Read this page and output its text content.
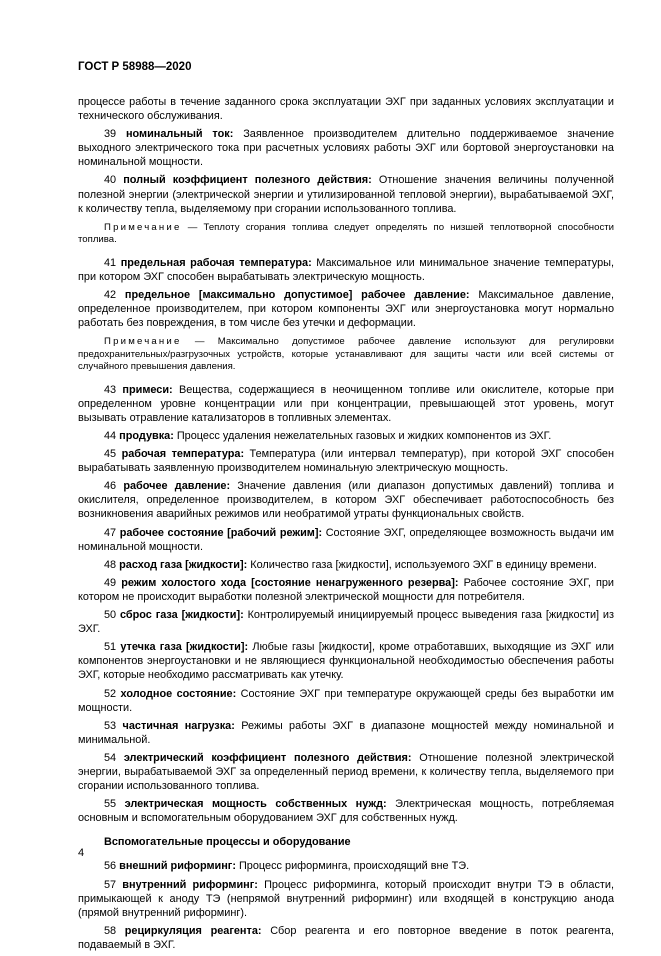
ГОСТ Р 58988—2020

процессе работы в течение заданного срока эксплуатации ЭХГ при заданных условиях эксплуатации и технического обслуживания.

39 номинальный ток: Заявленное производителем длительно поддерживаемое значение выходного электрического тока при расчетных условиях работы ЭХГ или бортовой энергоустановки на номинальной мощности.

40 полный коэффициент полезного действия: Отношение значения величины полученной полезной энергии (электрической энергии и утилизированной тепловой энергии), вырабатываемой ЭХГ, к количеству тепла, выделяемому при сгорании использованного топлива.

Примечание — Теплоту сгорания топлива следует определять по низшей теплотворной способности топлива.

41 предельная рабочая температура: Максимальное или минимальное значение температуры, при котором ЭХГ способен вырабатывать электрическую мощность.

42 предельное [максимально допустимое] рабочее давление: Максимальное давление, определенное производителем, при котором компоненты ЭХГ или энергоустановка могут нормально работать без повреждения, в том числе без утечки и деформации.

Примечание — Максимально допустимое рабочее давление используют для регулировки предохранительных/разгрузочных устройств, которые устанавливают для защиты части или всей системы от случайного превышения давления.

43 примеси: Вещества, содержащиеся в неочищенном топливе или окислителе, которые при определенном уровне концентрации или при концентрации, превышающей этот уровень, могут вызывать отравление катализаторов в топливных элементах.

44 продувка: Процесс удаления нежелательных газовых и жидких компонентов из ЭХГ.

45 рабочая температура: Температура (или интервал температур), при которой ЭХГ способен вырабатывать заявленную производителем номинальную электрическую мощность.

46 рабочее давление: Значение давления (или диапазон допустимых давлений) топлива и окислителя, определенное производителем, в котором ЭХГ обеспечивает работоспособность без возникновения аварийных режимов или необратимой утраты функциональных свойств.

47 рабочее состояние [рабочий режим]: Состояние ЭХГ, определяющее возможность выдачи им номинальной мощности.

48 расход газа [жидкости]: Количество газа [жидкости], используемого ЭХГ в единицу времени.

49 режим холостого хода [состояние ненагруженного резерва]: Рабочее состояние ЭХГ, при котором не происходит выработки полезной электрической мощности для потребителя.

50 сброс газа [жидкости]: Контролируемый инициируемый процесс выведения газа [жидкости] из ЭХГ.

51 утечка газа [жидкости]: Любые газы [жидкости], кроме отработавших, выходящие из ЭХГ или компонентов энергоустановки и не являющиеся функциональной необходимостью обеспечения работы ЭХГ, которые необходимо рассматривать как утечку.

52 холодное состояние: Состояние ЭХГ при температуре окружающей среды без выработки им мощности.

53 частичная нагрузка: Режимы работы ЭХГ в диапазоне мощностей между номинальной и минимальной.

54 электрический коэффициент полезного действия: Отношение полезной электрической энергии, вырабатываемой ЭХГ за определенный период времени, к количеству тепла, выделяемого при сгорании использованного топлива.

55 электрическая мощность собственных нужд: Электрическая мощность, потребляемая основным и вспомогательным оборудованием ЭХГ для собственных нужд.

Вспомогательные процессы и оборудование

56 внешний риформинг: Процесс риформинга, происходящий вне ТЭ.

57 внутренний риформинг: Процесс риформинга, который происходит внутри ТЭ в области, примыкающей к аноду ТЭ (непрямой внутренний риформинг) или входящей в конструкцию анода (прямой внутренний риформинг).

58 рециркуляция реагента: Сбор реагента и его повторное введение в поток реагента, подаваемый в ЭХГ.

4
